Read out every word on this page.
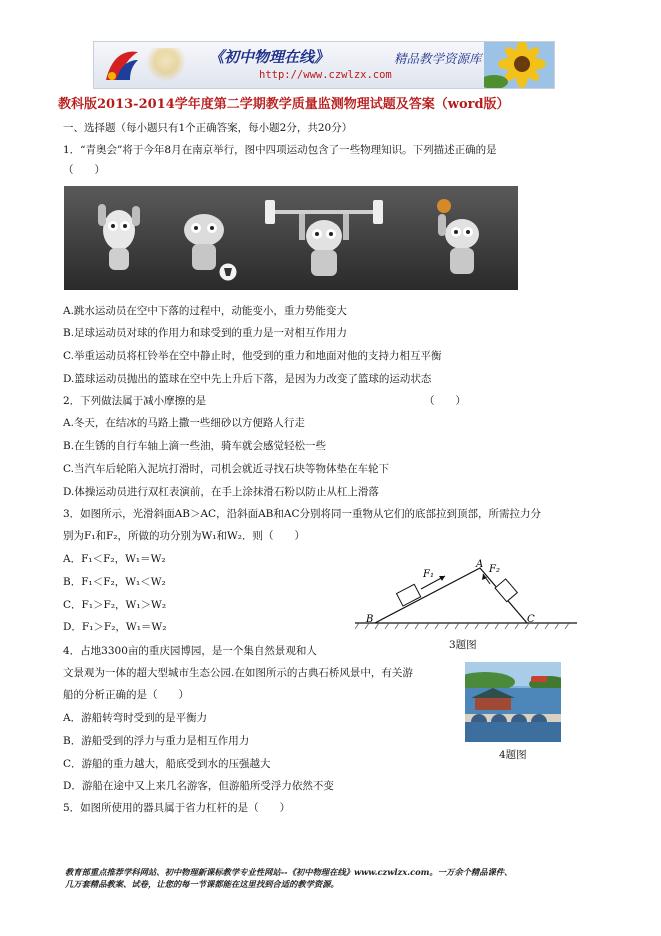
《初中物理在线》	精品教学资源库
http://www.czwlzx.com
教科版2013-2014学年度第二学期教学质量监测物理试题及答案（word版）
一、选择题（每小题只有1个正确答案，每小题2分，共20分）
1．“青奥会”将于今年8月在南京举行，图中四项运动包含了一些物理知识。下列描述正确的是
（　　）
A.跳水运动员在空中下落的过程中，动能变小，重力势能变大
B.足球运动员对球的作用力和球受到的重力是一对相互作用力
C.举重运动员将杠铃举在空中静止时，他受到的重力和地面对他的支持力相互平衡
D.篮球运动员抛出的篮球在空中先上升后下落，是因为力改变了篮球的运动状态
2．下列做法属于减小摩擦的是	（　　）
A.冬天，在结冰的马路上撒一些细砂以方便路人行走
B.在生锈的自行车轴上滴一些油，骑车就会感觉轻松一些
C.当汽车后轮陷入泥坑打滑时，司机会就近寻找石块等物体垫在车轮下
D.体操运动员进行双杠表演前，在手上涂抹滑石粉以防止从杠上滑落
3．如图所示，光滑斜面AB＞AC，沿斜面AB和AC分别将同一重物从它们的底部拉到顶部，所需拉力分
别为F₁和F₂，所做的功分别为W₁和W₂．则（　　）
A．F₁＜F₂，W₁＝W₂
B．F₁＜F₂，W₁＜W₂
C．F₁＞F₂，W₁＞W₂
D．F₁＞F₂，W₁＝W₂
F₁	F₂
A
B	C
3题图
4．占地3300亩的重庆园博园，是一个集自然景观和人
文景观为一体的超大型城市生态公园.在如图所示的古典石桥风景中，有关游
船的分析正确的是（　　）
A．游船转弯时受到的是平衡力
B．游船受到的浮力与重力是相互作用力
C．游船的重力越大，船底受到水的压强越大
D．游船在途中又上来几名游客，但游船所受浮力依然不变
4题图
5．如图所使用的器具属于省力杠杆的是（　　）
教育部重点推荐学科网站、初中物理新课标教学专业性网站--《初中物理在线》www.czwlzx.com。一万余个精品课件、
几万套精品教案、试卷，让您的每一节课都能在这里找到合适的教学资源。
